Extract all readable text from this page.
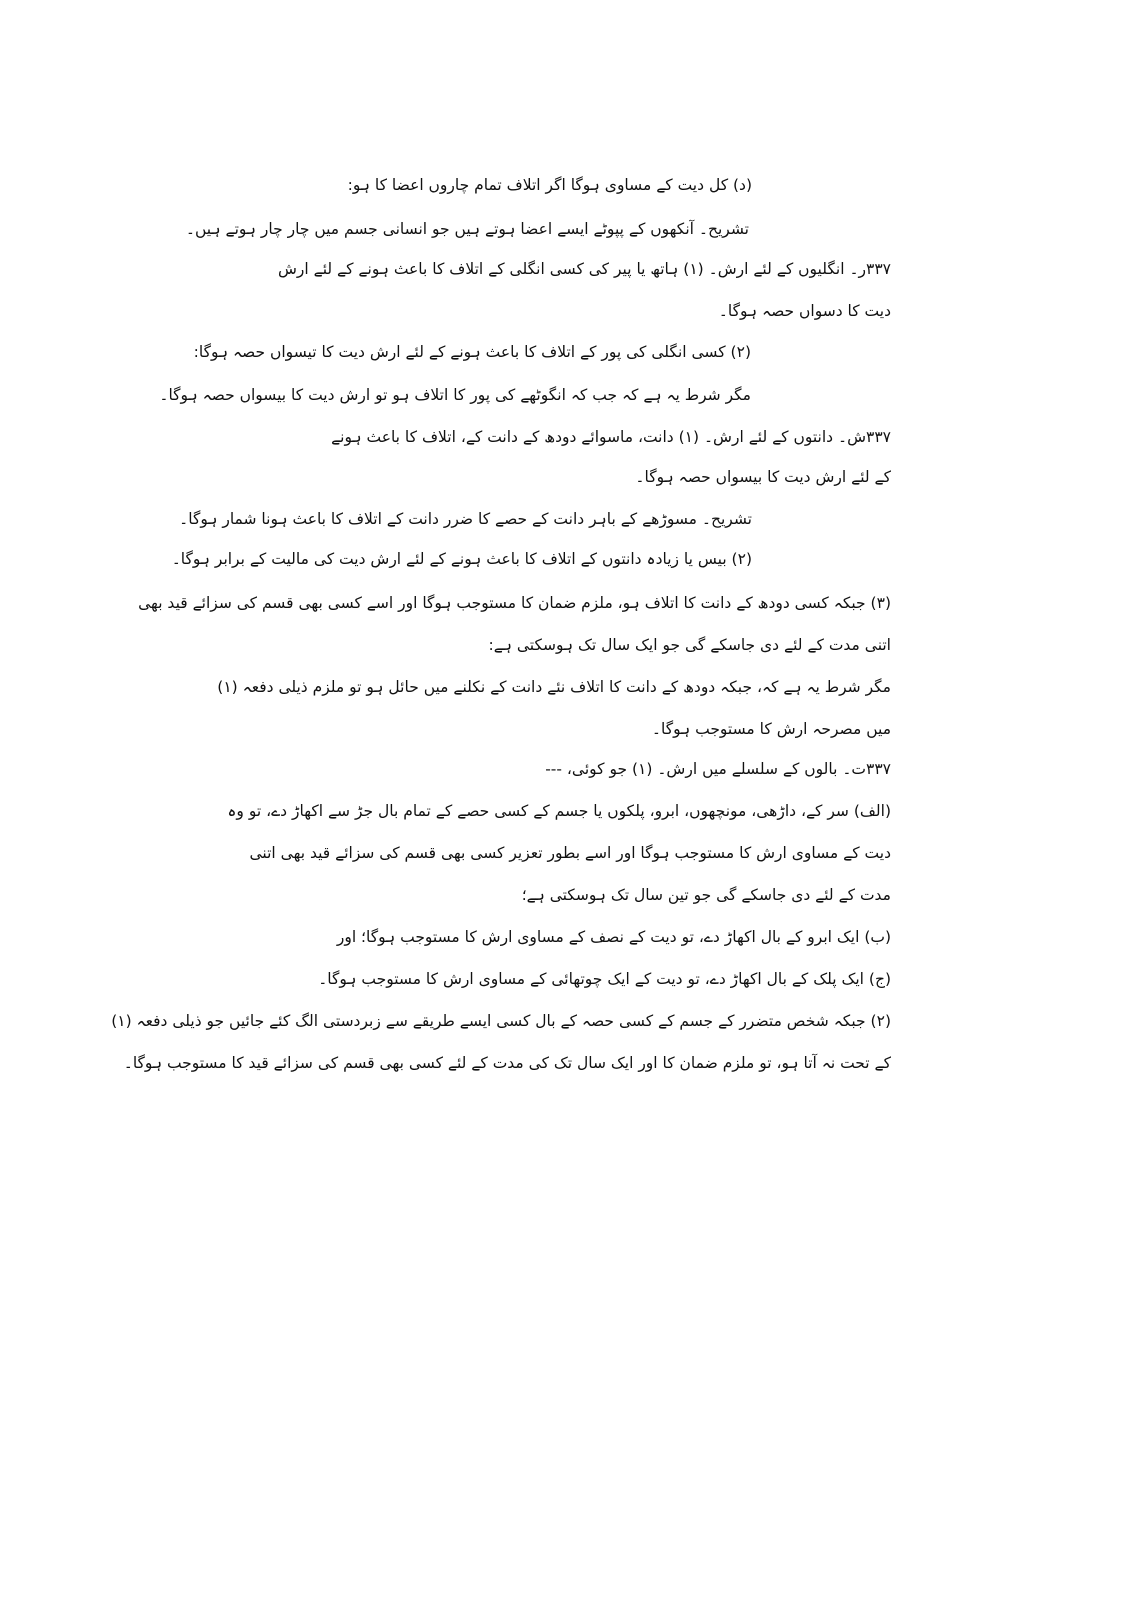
(د) کل دیت کے مساوی ہوگا اگر اتلاف تمام چاروں اعضا کا ہو:
تشریح۔ آنکھوں کے پپوٹے ایسے اعضا ہوتے ہیں جو انسانی جسم میں چار چار ہوتے ہیں۔
۳۳۷ر۔ انگلیوں کے لئے ارش۔ (۱) ہاتھ یا پیر کی کسی انگلی کے اتلاف کا باعث ہونے کے لئے ارش
دیت کا دسواں حصہ ہوگا۔
(۲) کسی انگلی کی پور کے اتلاف کا باعث ہونے کے لئے ارش دیت کا تیسواں حصہ ہوگا:
مگر شرط یہ ہے کہ جب کہ انگوٹھے کی پور کا اتلاف ہو تو ارش دیت کا بیسواں حصہ ہوگا۔
۳۳۷ش۔ دانتوں کے لئے ارش۔ (۱) دانت، ماسوائے دودھ کے دانت کے، اتلاف کا باعث ہونے
کے لئے ارش دیت کا بیسواں حصہ ہوگا۔
تشریح۔ مسوڑھے کے باہر دانت کے حصے کا ضرر دانت کے اتلاف کا باعث ہونا شمار ہوگا۔
(۲) بیس یا زیادہ دانتوں کے اتلاف کا باعث ہونے کے لئے ارش دیت کی مالیت کے برابر ہوگا۔
(۳) جبکہ کسی دودھ کے دانت کا اتلاف ہو، ملزم ضمان کا مستوجب ہوگا اور اسے کسی بھی قسم کی سزائے قید بھی
اتنی مدت کے لئے دی جاسکے گی جو ایک سال تک ہوسکتی ہے:
مگر شرط یہ ہے کہ، جبکہ دودھ کے دانت کا اتلاف نئے دانت کے نکلنے میں حائل ہو تو ملزم ذیلی دفعہ (۱)
میں مصرحہ ارش کا مستوجب ہوگا۔
۳۳۷ت۔ بالوں کے سلسلے میں ارش۔ (۱) جو کوئی، ---
(الف) سر کے، داڑھی، مونچھوں، ابرو، پلکوں یا جسم کے کسی حصے کے تمام بال جڑ سے اکھاڑ دے، تو وہ
دیت کے مساوی ارش کا مستوجب ہوگا اور اسے بطور تعزیر کسی بھی قسم کی سزائے قید بھی اتنی
مدت کے لئے دی جاسکے گی جو تین سال تک ہوسکتی ہے؛
(ب) ایک ابرو کے بال اکھاڑ دے، تو دیت کے نصف کے مساوی ارش کا مستوجب ہوگا؛ اور
(ج) ایک پلک کے بال اکھاڑ دے، تو دیت کے ایک چوتھائی کے مساوی ارش کا مستوجب ہوگا۔
(۲) جبکہ شخص متضرر کے جسم کے کسی حصہ کے بال کسی ایسے طریقے سے زبردستی الگ کئے جائیں جو ذیلی دفعہ (۱)
کے تحت نہ آتا ہو، تو ملزم ضمان کا اور ایک سال تک کی مدت کے لئے کسی بھی قسم کی سزائے قید کا مستوجب ہوگا۔
